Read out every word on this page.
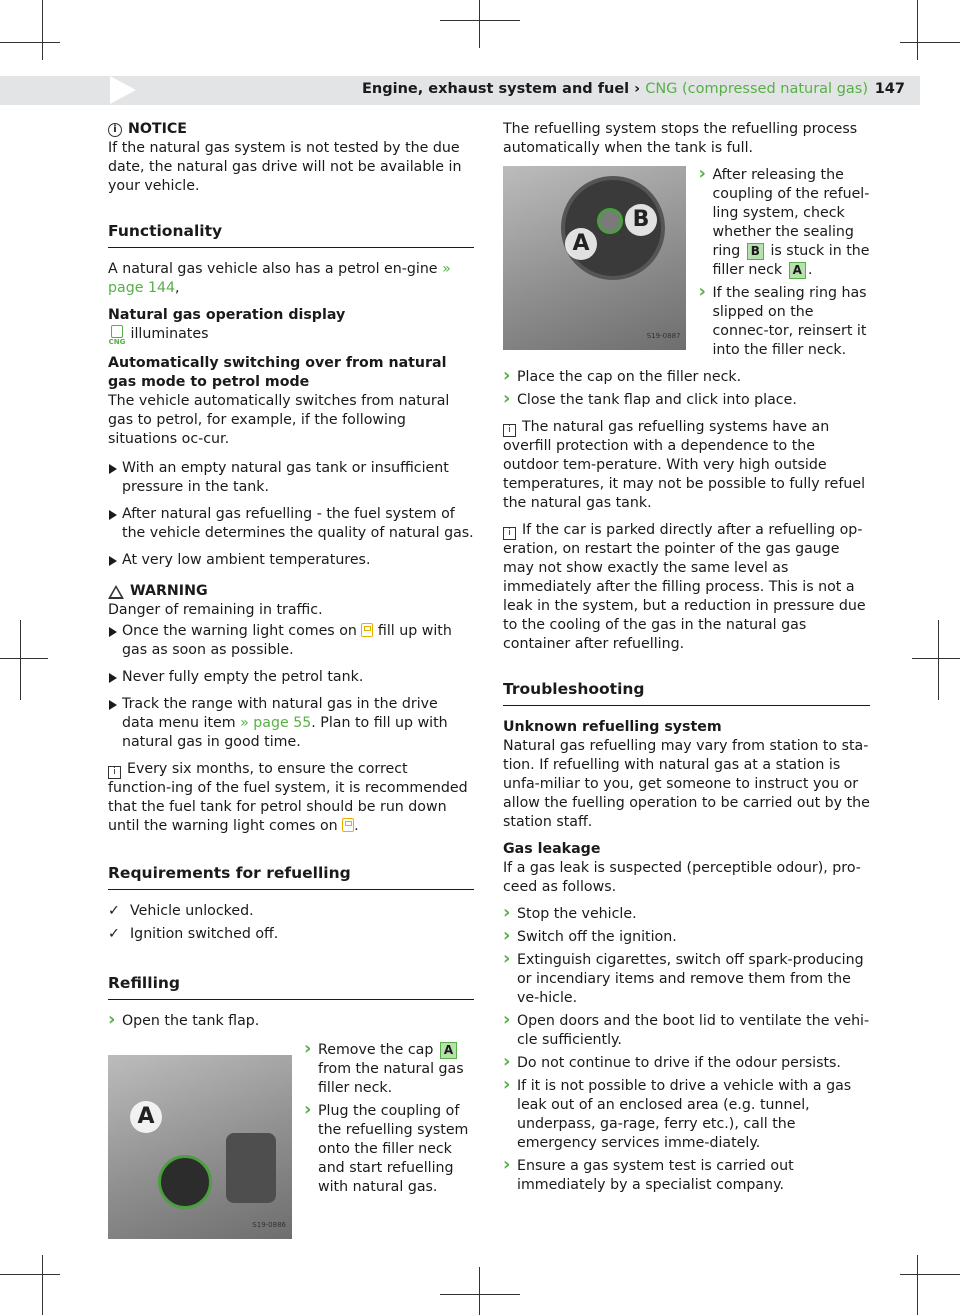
Engine, exhaust system and fuel › CNG (compressed natural gas) 147
i NOTICE

If the natural gas system is not tested by the due date, the natural gas drive will not be available in your vehicle.

Functionality

A natural gas vehicle also has a petrol en-gine » page 144,

Natural gas operation display

CNG illuminates

Automatically switching over from natural gas mode to petrol mode
The vehicle automatically switches from natural gas to petrol, for example, if the following situations oc-cur.

With an empty natural gas tank or insufficient pressure in the tank.
After natural gas refuelling - the fuel system of the vehicle determines the quality of natural gas.
At very low ambient temperatures.
WARNING
Danger of remaining in traffic.
Once the warning light comes on fill up with gas as soon as possible.
Never fully empty the petrol tank.
Track the range with natural gas in the drive data menu item » page 55. Plan to fill up with natural gas in good time.

i Every six months, to ensure the correct function-ing of the fuel system, it is recommended that the fuel tank for petrol should be run down until the warning light comes on .

Requirements for refuelling
✓ Vehicle unlocked.
✓ Ignition switched off.
Refilling
› Open the tank flap.
A
S19-0886
› Remove the cap A from the natural gas filler neck.
› Plug the coupling of the refuelling system onto the filler neck and start refuelling with natural gas.

The refuelling system stops the refuelling process automatically when the tank is full.

A
B
S19-0887
› After releasing the coupling of the refuel-ling system, check whether the sealing ring B is stuck in the filler neck A .
› If the sealing ring has slipped on the connec-tor, reinsert it into the filler neck.
› Place the cap on the filler neck.
› Close the tank flap and click into place.

i The natural gas refuelling systems have an overfill protection with a dependence to the outdoor tem-perature. With very high outside temperatures, it may not be possible to fully refuel the natural gas tank.

i If the car is parked directly after a refuelling op-eration, on restart the pointer of the gas gauge may not show exactly the same level as immediately after the filling process. This is not a leak in the system, but a reduction in pressure due to the cooling of the gas in the natural gas container after refuelling.

Troubleshooting

Unknown refuelling system
Natural gas refuelling may vary from station to sta-tion. If refuelling with natural gas at a station is unfa-miliar to you, get someone to instruct you or allow the fuelling operation to be carried out by the station staff.

Gas leakage
If a gas leak is suspected (perceptible odour), pro-ceed as follows.

› Stop the vehicle.
› Switch off the ignition.
› Extinguish cigarettes, switch off spark-producing or incendiary items and remove them from the ve-hicle.
› Open doors and the boot lid to ventilate the vehi-cle sufficiently.
› Do not continue to drive if the odour persists.
› If it is not possible to drive a vehicle with a gas leak out of an enclosed area (e.g. tunnel, underpass, ga-rage, ferry etc.), call the emergency services imme-diately.
› Ensure a gas system test is carried out immediately by a specialist company.
